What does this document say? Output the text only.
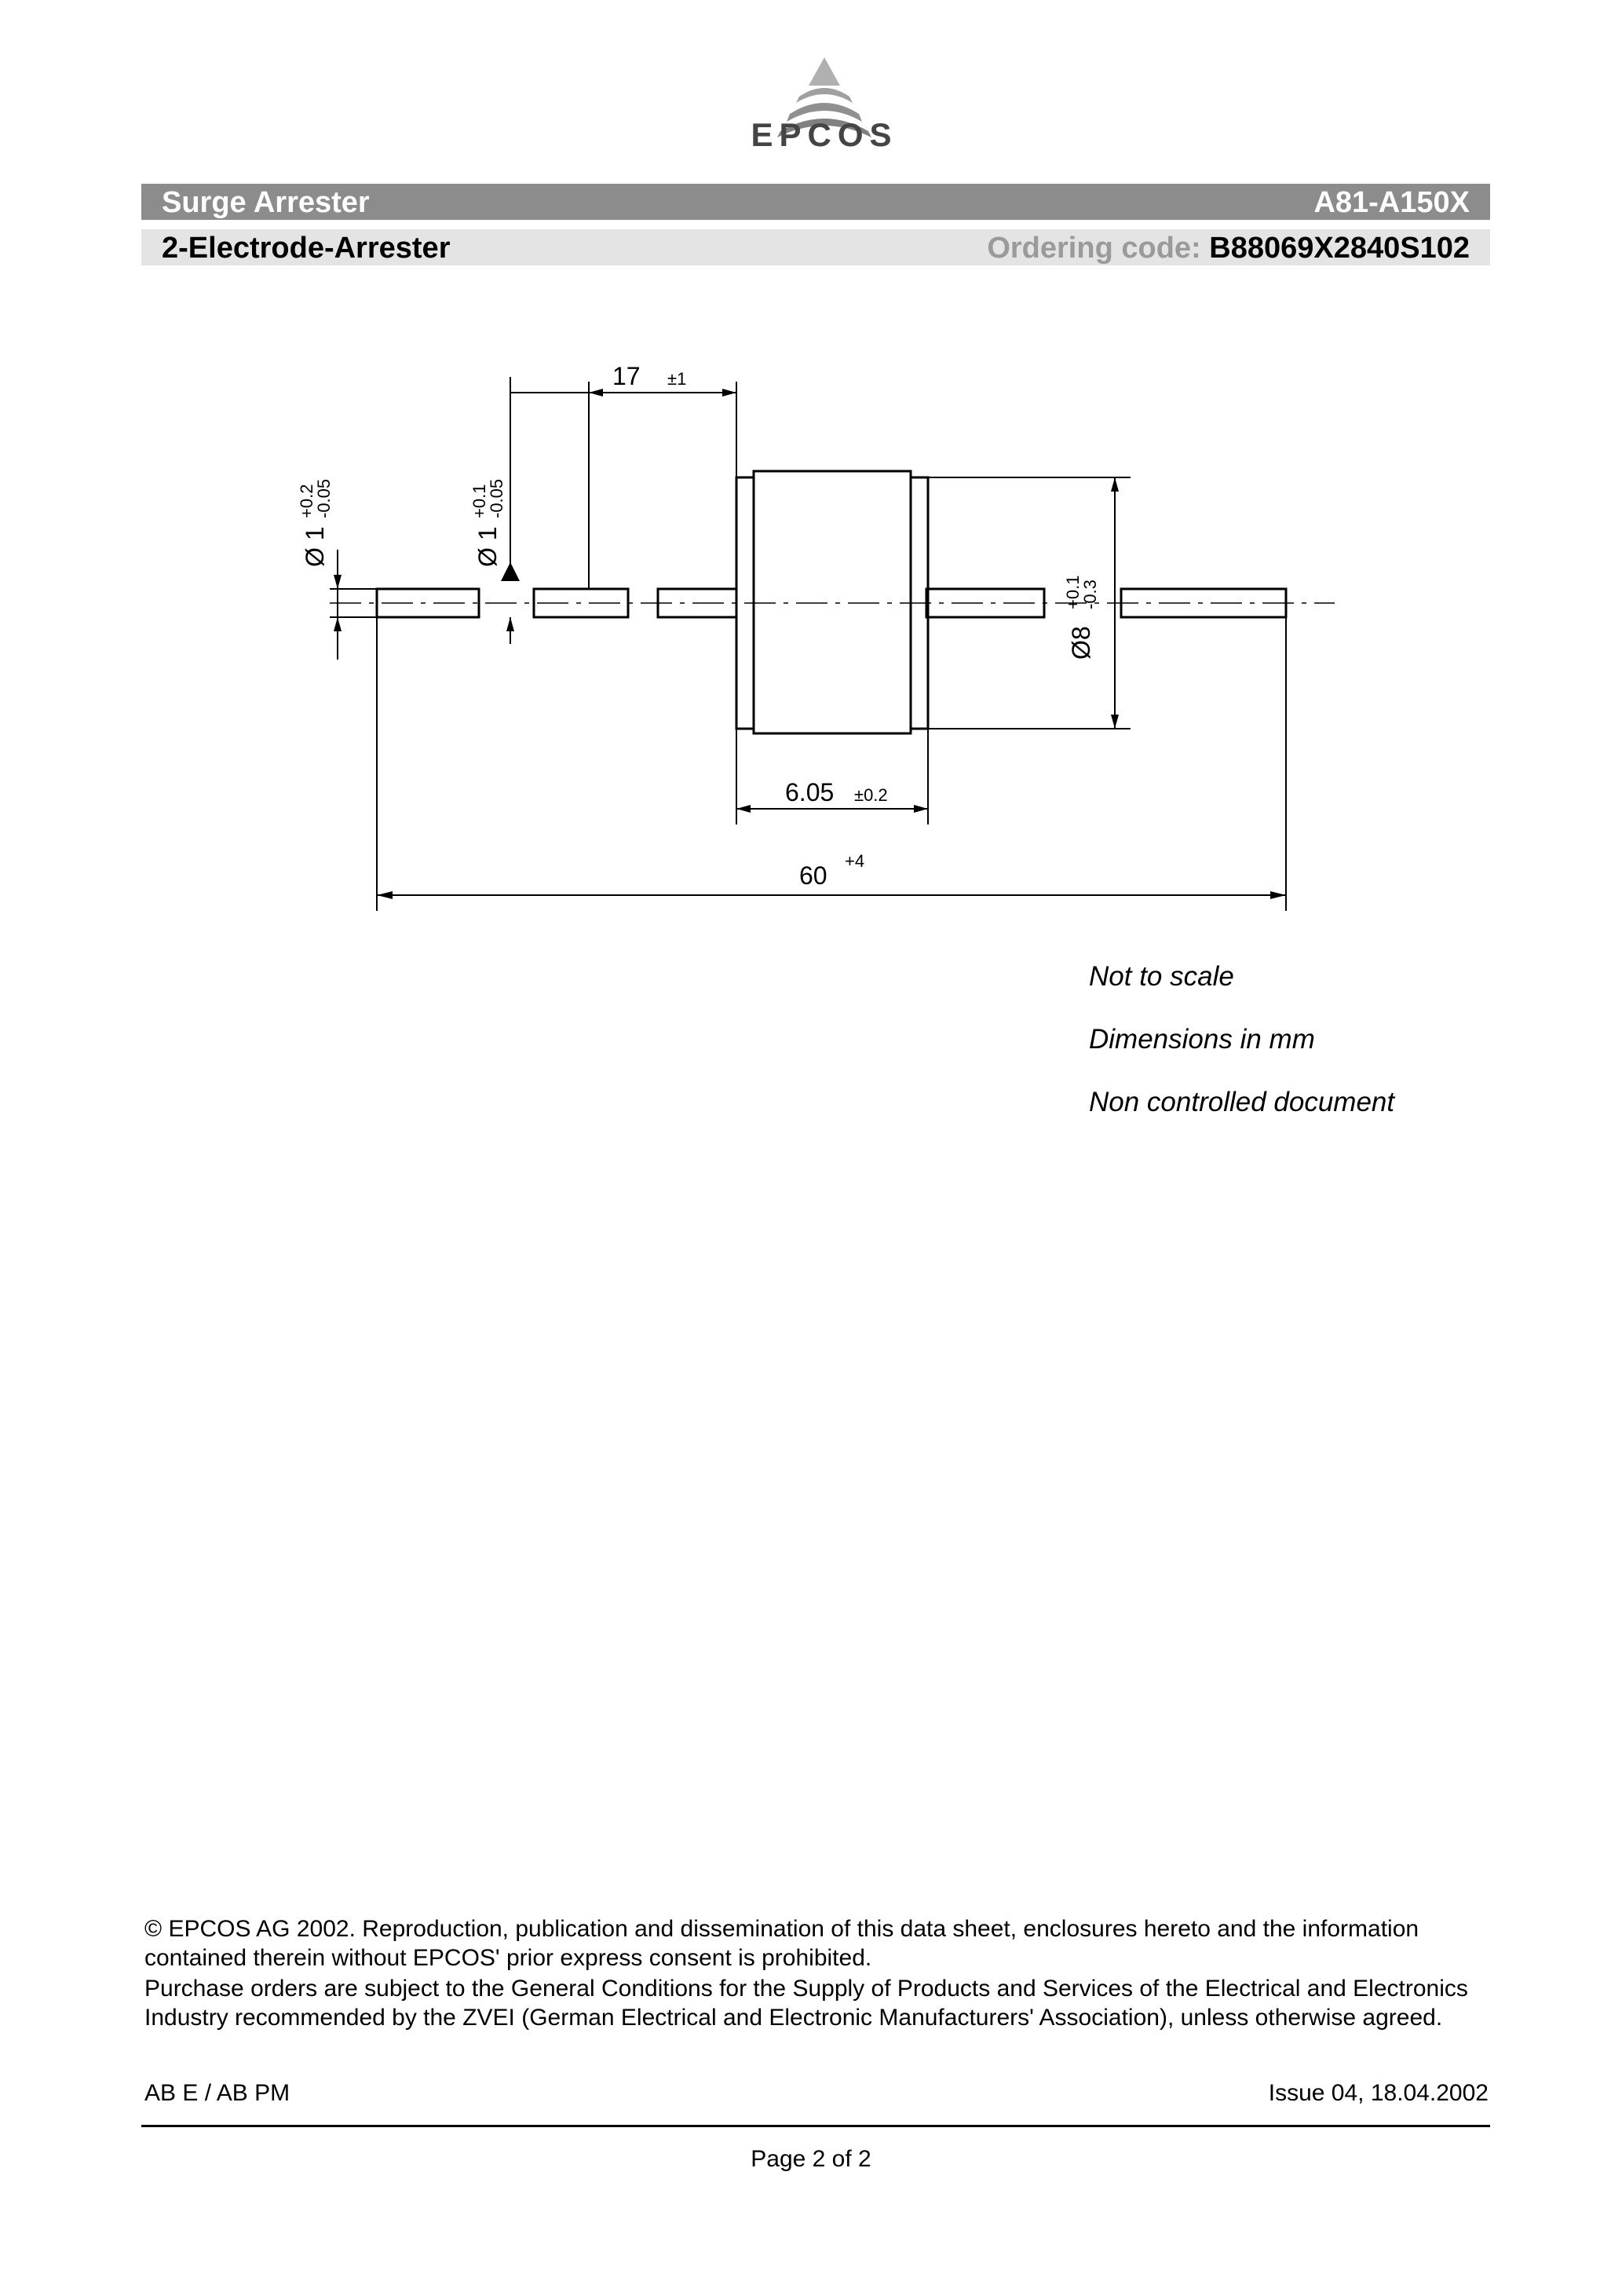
EPCOS
Surge Arrester	A81-A150X
2-Electrode-Arrester	Ordering code: B88069X2840S102
17 ±1
6.05 ±0.2
60
+4
Ø8
+0.1
-0.3
Ø 1
+0.2
-0.05
Ø 1
+0.1
-0.05
Not to scale
Dimensions in mm
Non controlled document
© EPCOS AG 2002. Reproduction, publication and dissemination of this data sheet, enclosures hereto and the information contained therein without EPCOS' prior express consent is prohibited.
Purchase orders are subject to the General Conditions for the Supply of Products and Services of the Electrical and Electronics Industry recommended by the ZVEI (German Electrical and Electronic Manufacturers' Association), unless otherwise agreed.
AB E / AB PM	Issue 04, 18.04.2002
Page 2 of 2
